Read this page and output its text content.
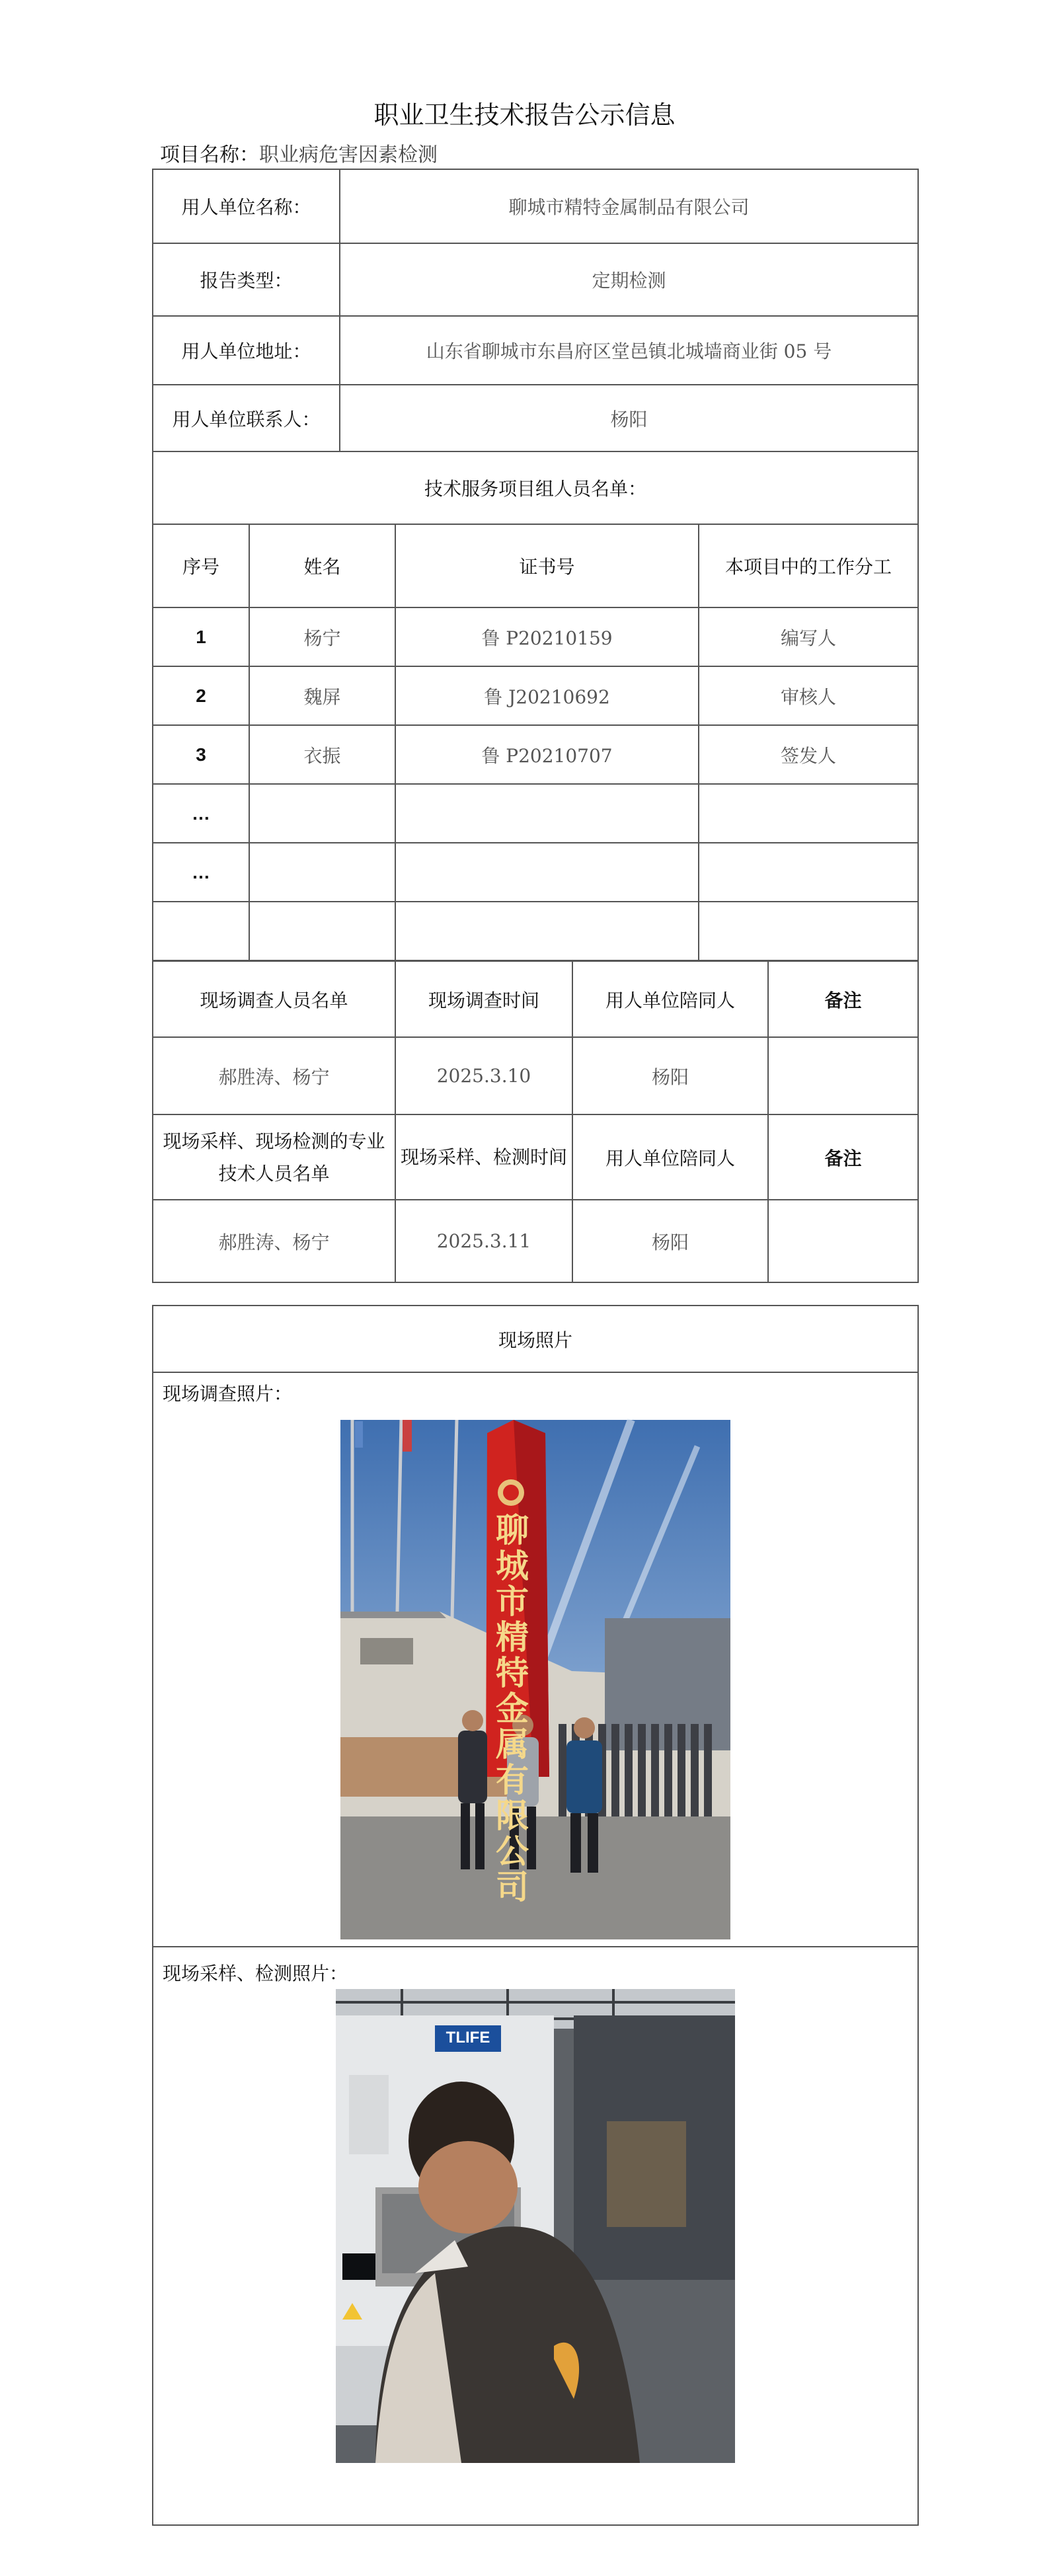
职业卫生技术报告公示信息
项目名称：职业病危害因素检测
用人单位名称：	聊城市精特金属制品有限公司
报告类型：	定期检测
用人单位地址：	山东省聊城市东昌府区堂邑镇北城墙商业街 05 号
用人单位联系人：	杨阳
技术服务项目组人员名单：			
序号	姓名	证书号	本项目中的工作分工
1	杨宁	鲁 P20210159	编写人
2	魏屏	鲁 J20210692	审核人
3	衣振	鲁 P20210707	签发人
…			
…			

现场调查人员名单	现场调查时间	用人单位陪同人	备注
郝胜涛、杨宁	2025.3.10	杨阳	
现场采样、现场检测的专业技术人员名单	现场采样、检测时间	用人单位陪同人	备注
郝胜涛、杨宁	2025.3.11	杨阳	
现场照片
现场调查照片：
现场采样、检测照片：
聊城市精特金属有限公司
TLIFE
